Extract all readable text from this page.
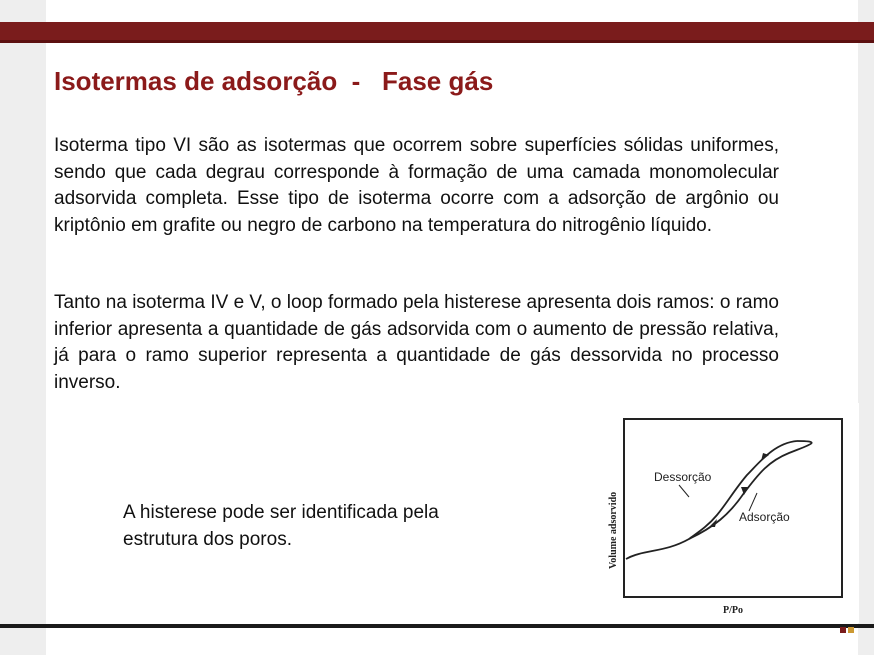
Isotermas de adsorção  -   Fase gás

Isoterma tipo VI são as isotermas que ocorrem sobre superfícies sólidas uniformes, sendo que cada degrau corresponde à formação de uma camada monomolecular adsorvida completa. Esse tipo de isoterma ocorre com a adsorção de argônio ou kriptônio em grafite ou negro de carbono na temperatura do nitrogênio líquido.

Tanto na isoterma IV e V, o loop formado pela histerese apresenta dois ramos: o ramo inferior apresenta a quantidade de gás adsorvida com o aumento de pressão relativa, já para o ramo superior representa a quantidade de gás dessorvida no processo inverso.

A histerese pode ser identificada pela estrutura dos poros.

Dessorção
Adsorção
P/Po
Volume adsorvido
